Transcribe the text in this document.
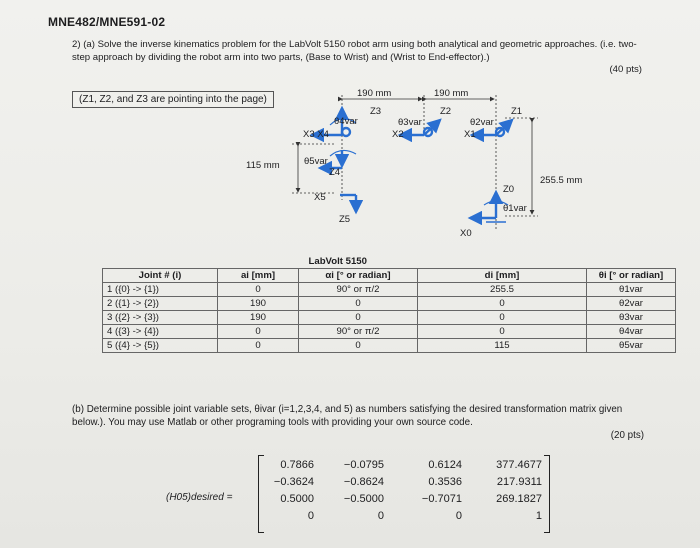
MNE482/MNE591-02
2) (a) Solve the inverse kinematics problem for the LabVolt 5150 robot arm using both analytical and geometric approaches. (i.e. two-step approach by dividing the robot arm into two parts, (Base to Wrist) and (Wrist to End-effector).)
(40 pts)
(Z1, Z2, and Z3 are pointing into the page)
190 mm	190 mm
115 mm
255.5 mm
θ4var
Z3
X3 X4
θ5var
Z4
X5
Z5
θ3var
Z2
X2
θ2var
Z1
X1
Z0
θ1var
X0
		LabVolt 5150		
Joint # (i)	ai [mm]	αi [° or radian]	di [mm]	θi [° or radian]
1 ({0} -> {1})	0	90° or π/2	255.5	θ1var
2 ({1} -> {2})	190	0	0	θ2var
3 ({2} -> {3})	190	0	0	θ3var
4 ({3} -> {4})	0	90° or π/2	0	θ4var
5 ({4} -> {5})	0	0	115	θ5var
(b) Determine possible joint variable sets, θivar (i=1,2,3,4, and 5) as numbers satisfying the desired transformation matrix given below.). You may use Matlab or other programing tools with providing your own source code.
(20 pts)
(H05)desired =
0.7866	−0.0795	0.6124	377.4677
−0.3624	−0.8624	0.3536	217.9311
0.5000	−0.5000	−0.7071	269.1827
0	0	0	1
